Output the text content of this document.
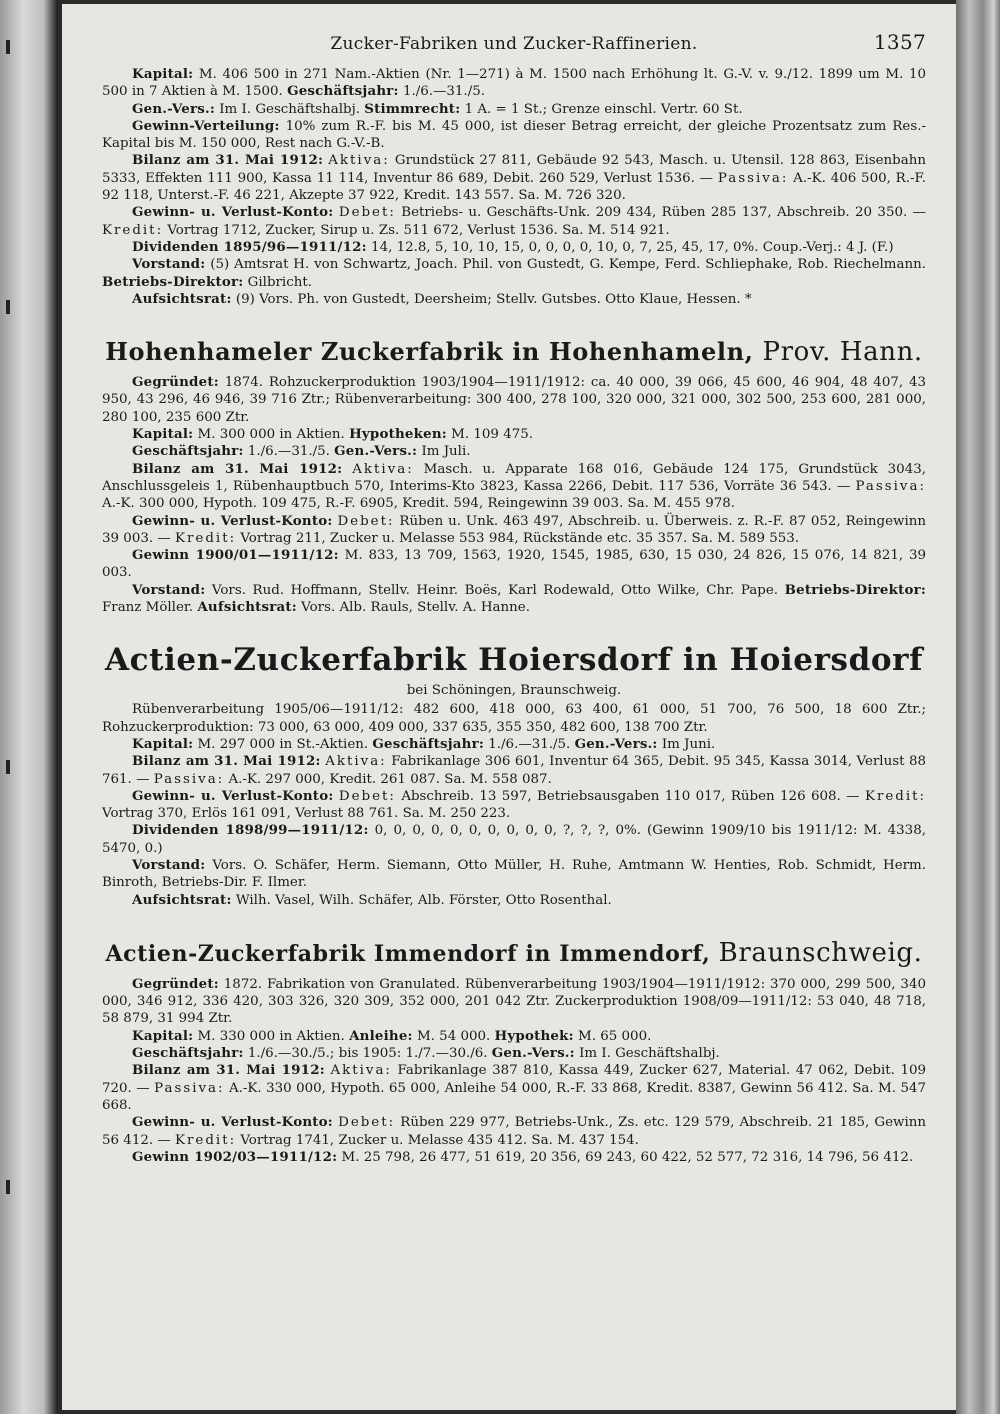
Zucker-Fabriken und Zucker-Raffinerien.	1357

Kapital: M. 406 500 in 271 Nam.-Aktien (Nr. 1—271) à M. 1500 nach Erhöhung lt. G.-V. v. 9./12. 1899 um M. 10 500 in 7 Aktien à M. 1500. Geschäftsjahr: 1./6.—31./5.

Gen.-Vers.: Im I. Geschäftshalbj. Stimmrecht: 1 A. = 1 St.; Grenze einschl. Vertr. 60 St.

Gewinn-Verteilung: 10% zum R.-F. bis M. 45 000, ist dieser Betrag erreicht, der gleiche Prozentsatz zum Res.-Kapital bis M. 150 000, Rest nach G.-V.-B.

Bilanz am 31. Mai 1912: Aktiva: Grundstück 27 811, Gebäude 92 543, Masch. u. Utensil. 128 863, Eisenbahn 5333, Effekten 111 900, Kassa 11 114, Inventur 86 689, Debit. 260 529, Verlust 1536. — Passiva: A.-K. 406 500, R.-F. 92 118, Unterst.-F. 46 221, Akzepte 37 922, Kredit. 143 557. Sa. M. 726 320.

Gewinn- u. Verlust-Konto: Debet: Betriebs- u. Geschäfts-Unk. 209 434, Rüben 285 137, Abschreib. 20 350. — Kredit: Vortrag 1712, Zucker, Sirup u. Zs. 511 672, Verlust 1536. Sa. M. 514 921.

Dividenden 1895/96—1911/12: 14, 12.8, 5, 10, 10, 15, 0, 0, 0, 0, 10, 0, 7, 25, 45, 17, 0%. Coup.-Verj.: 4 J. (F.)

Vorstand: (5) Amtsrat H. von Schwartz, Joach. Phil. von Gustedt, G. Kempe, Ferd. Schliephake, Rob. Riechelmann. Betriebs-Direktor: Gilbricht.

Aufsichtsrat: (9) Vors. Ph. von Gustedt, Deersheim; Stellv. Gutsbes. Otto Klaue, Hessen. *

Hohenhameler Zuckerfabrik in Hohenhameln, Prov. Hann.

Gegründet: 1874. Rohzuckerproduktion 1903/1904—1911/1912: ca. 40 000, 39 066, 45 600, 46 904, 48 407, 43 950, 43 296, 46 946, 39 716 Ztr.; Rübenverarbeitung: 300 400, 278 100, 320 000, 321 000, 302 500, 253 600, 281 000, 280 100, 235 600 Ztr.

Kapital: M. 300 000 in Aktien. Hypotheken: M. 109 475.

Geschäftsjahr: 1./6.—31./5. Gen.-Vers.: Im Juli.

Bilanz am 31. Mai 1912: Aktiva: Masch. u. Apparate 168 016, Gebäude 124 175, Grundstück 3043, Anschlussgeleis 1, Rübenhauptbuch 570, Interims-Kto 3823, Kassa 2266, Debit. 117 536, Vorräte 36 543. — Passiva: A.-K. 300 000, Hypoth. 109 475, R.-F. 6905, Kredit. 594, Reingewinn 39 003. Sa. M. 455 978.

Gewinn- u. Verlust-Konto: Debet: Rüben u. Unk. 463 497, Abschreib. u. Überweis. z. R.-F. 87 052, Reingewinn 39 003. — Kredit: Vortrag 211, Zucker u. Melasse 553 984, Rückstände etc. 35 357. Sa. M. 589 553.

Gewinn 1900/01—1911/12: M. 833, 13 709, 1563, 1920, 1545, 1985, 630, 15 030, 24 826, 15 076, 14 821, 39 003.

Vorstand: Vors. Rud. Hoffmann, Stellv. Heinr. Boës, Karl Rodewald, Otto Wilke, Chr. Pape. Betriebs-Direktor: Franz Möller. Aufsichtsrat: Vors. Alb. Rauls, Stellv. A. Hanne.

Actien-Zuckerfabrik Hoiersdorf in Hoiersdorf
bei Schöningen, Braunschweig.

Rübenverarbeitung 1905/06—1911/12: 482 600, 418 000, 63 400, 61 000, 51 700, 76 500, 18 600 Ztr.; Rohzuckerproduktion: 73 000, 63 000, 409 000, 337 635, 355 350, 482 600, 138 700 Ztr.

Kapital: M. 297 000 in St.-Aktien. Geschäftsjahr: 1./6.—31./5. Gen.-Vers.: Im Juni.

Bilanz am 31. Mai 1912: Aktiva: Fabrikanlage 306 601, Inventur 64 365, Debit. 95 345, Kassa 3014, Verlust 88 761. — Passiva: A.-K. 297 000, Kredit. 261 087. Sa. M. 558 087.

Gewinn- u. Verlust-Konto: Debet: Abschreib. 13 597, Betriebsausgaben 110 017, Rüben 126 608. — Kredit: Vortrag 370, Erlös 161 091, Verlust 88 761. Sa. M. 250 223.

Dividenden 1898/99—1911/12: 0, 0, 0, 0, 0, 0, 0, 0, 0, 0, ?, ?, ?, 0%. (Gewinn 1909/10 bis 1911/12: M. 4338, 5470, 0.)

Vorstand: Vors. O. Schäfer, Herm. Siemann, Otto Müller, H. Ruhe, Amtmann W. Henties, Rob. Schmidt, Herm. Binroth, Betriebs-Dir. F. Ilmer.

Aufsichtsrat: Wilh. Vasel, Wilh. Schäfer, Alb. Förster, Otto Rosenthal.

Actien-Zuckerfabrik Immendorf in Immendorf, Braunschweig.

Gegründet: 1872. Fabrikation von Granulated. Rübenverarbeitung 1903/1904—1911/1912: 370 000, 299 500, 340 000, 346 912, 336 420, 303 326, 320 309, 352 000, 201 042 Ztr. Zuckerproduktion 1908/09—1911/12: 53 040, 48 718, 58 879, 31 994 Ztr.

Kapital: M. 330 000 in Aktien. Anleihe: M. 54 000. Hypothek: M. 65 000.

Geschäftsjahr: 1./6.—30./5.; bis 1905: 1./7.—30./6. Gen.-Vers.: Im I. Geschäftshalbj.

Bilanz am 31. Mai 1912: Aktiva: Fabrikanlage 387 810, Kassa 449, Zucker 627, Material. 47 062, Debit. 109 720. — Passiva: A.-K. 330 000, Hypoth. 65 000, Anleihe 54 000, R.-F. 33 868, Kredit. 8387, Gewinn 56 412. Sa. M. 547 668.

Gewinn- u. Verlust-Konto: Debet: Rüben 229 977, Betriebs-Unk., Zs. etc. 129 579, Abschreib. 21 185, Gewinn 56 412. — Kredit: Vortrag 1741, Zucker u. Melasse 435 412. Sa. M. 437 154.

Gewinn 1902/03—1911/12: M. 25 798, 26 477, 51 619, 20 356, 69 243, 60 422, 52 577, 72 316, 14 796, 56 412.
